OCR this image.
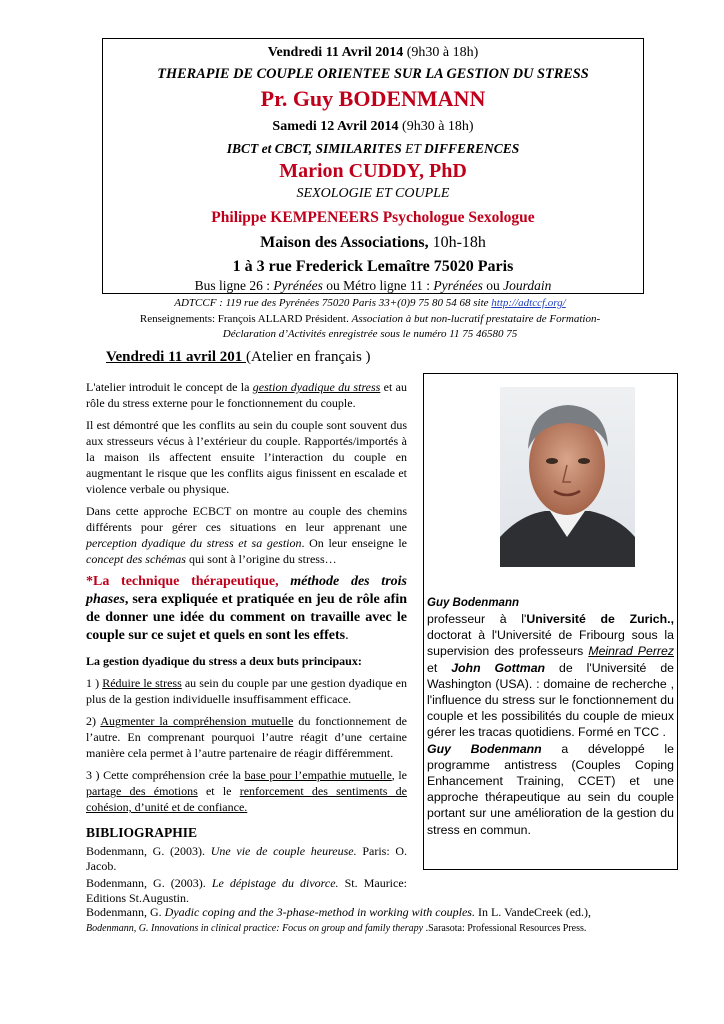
Vendredi 11 Avril 2014 (9h30 à 18h)
THERAPIE DE COUPLE ORIENTEE SUR LA GESTION DU STRESS
Pr. Guy BODENMANN
Samedi 12 Avril 2014 (9h30 à 18h)
IBCT et CBCT, SIMILARITES ET DIFFERENCES
Marion CUDDY, PhD
SEXOLOGIE ET COUPLE
Philippe KEMPENEERS Psychologue Sexologue
Maison des Associations, 10h-18h
1 à 3 rue Frederick Lemaître 75020 Paris
Bus ligne 26 : Pyrénées ou Métro ligne 11 : Pyrénées ou Jourdain
ADTCCF : 119 rue des Pyrénées 75020 Paris 33+(0)9 75 80 54 68 site http://adtccf.org/
Renseignements: François ALLARD Président. Association à but non-lucratif prestataire de Formation-
Déclaration d’Activités enregistrée sous le numéro 11 75 46580 75
Vendredi 11 avril 201 (Atelier en français )

L'atelier introduit le concept de la gestion dyadique du stress et au rôle du stress externe pour le fonctionnement du couple.

Il est démontré que les conflits au sein du couple sont souvent dus aux stresseurs vécus à l’extérieur du couple. Rapportés/importés à la maison ils affectent ensuite l’interaction du couple en augmentant le risque que les conflits aigus finissent en escalade et violence verbale ou physique.

Dans cette approche ECBCT on montre au couple des chemins différents pour gérer ces situations en leur apprenant une perception dyadique du stress et sa gestion. On leur enseigne le concept des schémas qui sont à l’origine du stress…

*La technique thérapeutique, méthode des trois phases, sera expliquée et pratiquée en jeu de rôle afin de donner une idée du comment on travaille avec le couple sur ce sujet et quels en sont les effets.

La gestion dyadique du stress a deux buts principaux:

1 ) Réduire le stress au sein du couple par une gestion dyadique en plus de la gestion individuelle insuffisamment efficace.

2) Augmenter la compréhension mutuelle du fonctionnement de l’autre. En comprenant pourquoi l’autre réagit d’une certaine manière cela permet à l’autre partenaire de réagir différemment.

3 ) Cette compréhension crée la base pour l’empathie mutuelle, le partage des émotions et le renforcement des sentiments de cohésion, d’unité et de confiance.

BIBLIOGRAPHIE

Bodenmann, G. (2003). Une vie de couple heureuse. Paris: O. Jacob.

Bodenmann, G. (2003). Le dépistage du divorce. St. Maurice: Editions St.Augustin.

Bodenmann, G. Dyadic coping and the 3-phase-method in working with couples. In L. VandeCreek (ed.),
Bodenmann, G. Innovations in clinical practice: Focus on group and family therapy .Sarasota: Professional Resources Press.
Guy Bodenmann

professeur à l'Université de Zurich., doctorat à l'Université de Fribourg sous la supervision des professeurs Meinrad Perrez et John Gottman de l'Université de Washington (USA). : domaine de recherche , l'influence du stress sur le fonctionnement du couple et les possibilités du couple de mieux gérer les tracas quotidiens. Formé en TCC .

Guy Bodenmann a développé le programme antistress (Couples Coping Enhancement Training, CCET) et une approche thérapeutique au sein du couple portant sur une amélioration de la gestion du stress en commun.
